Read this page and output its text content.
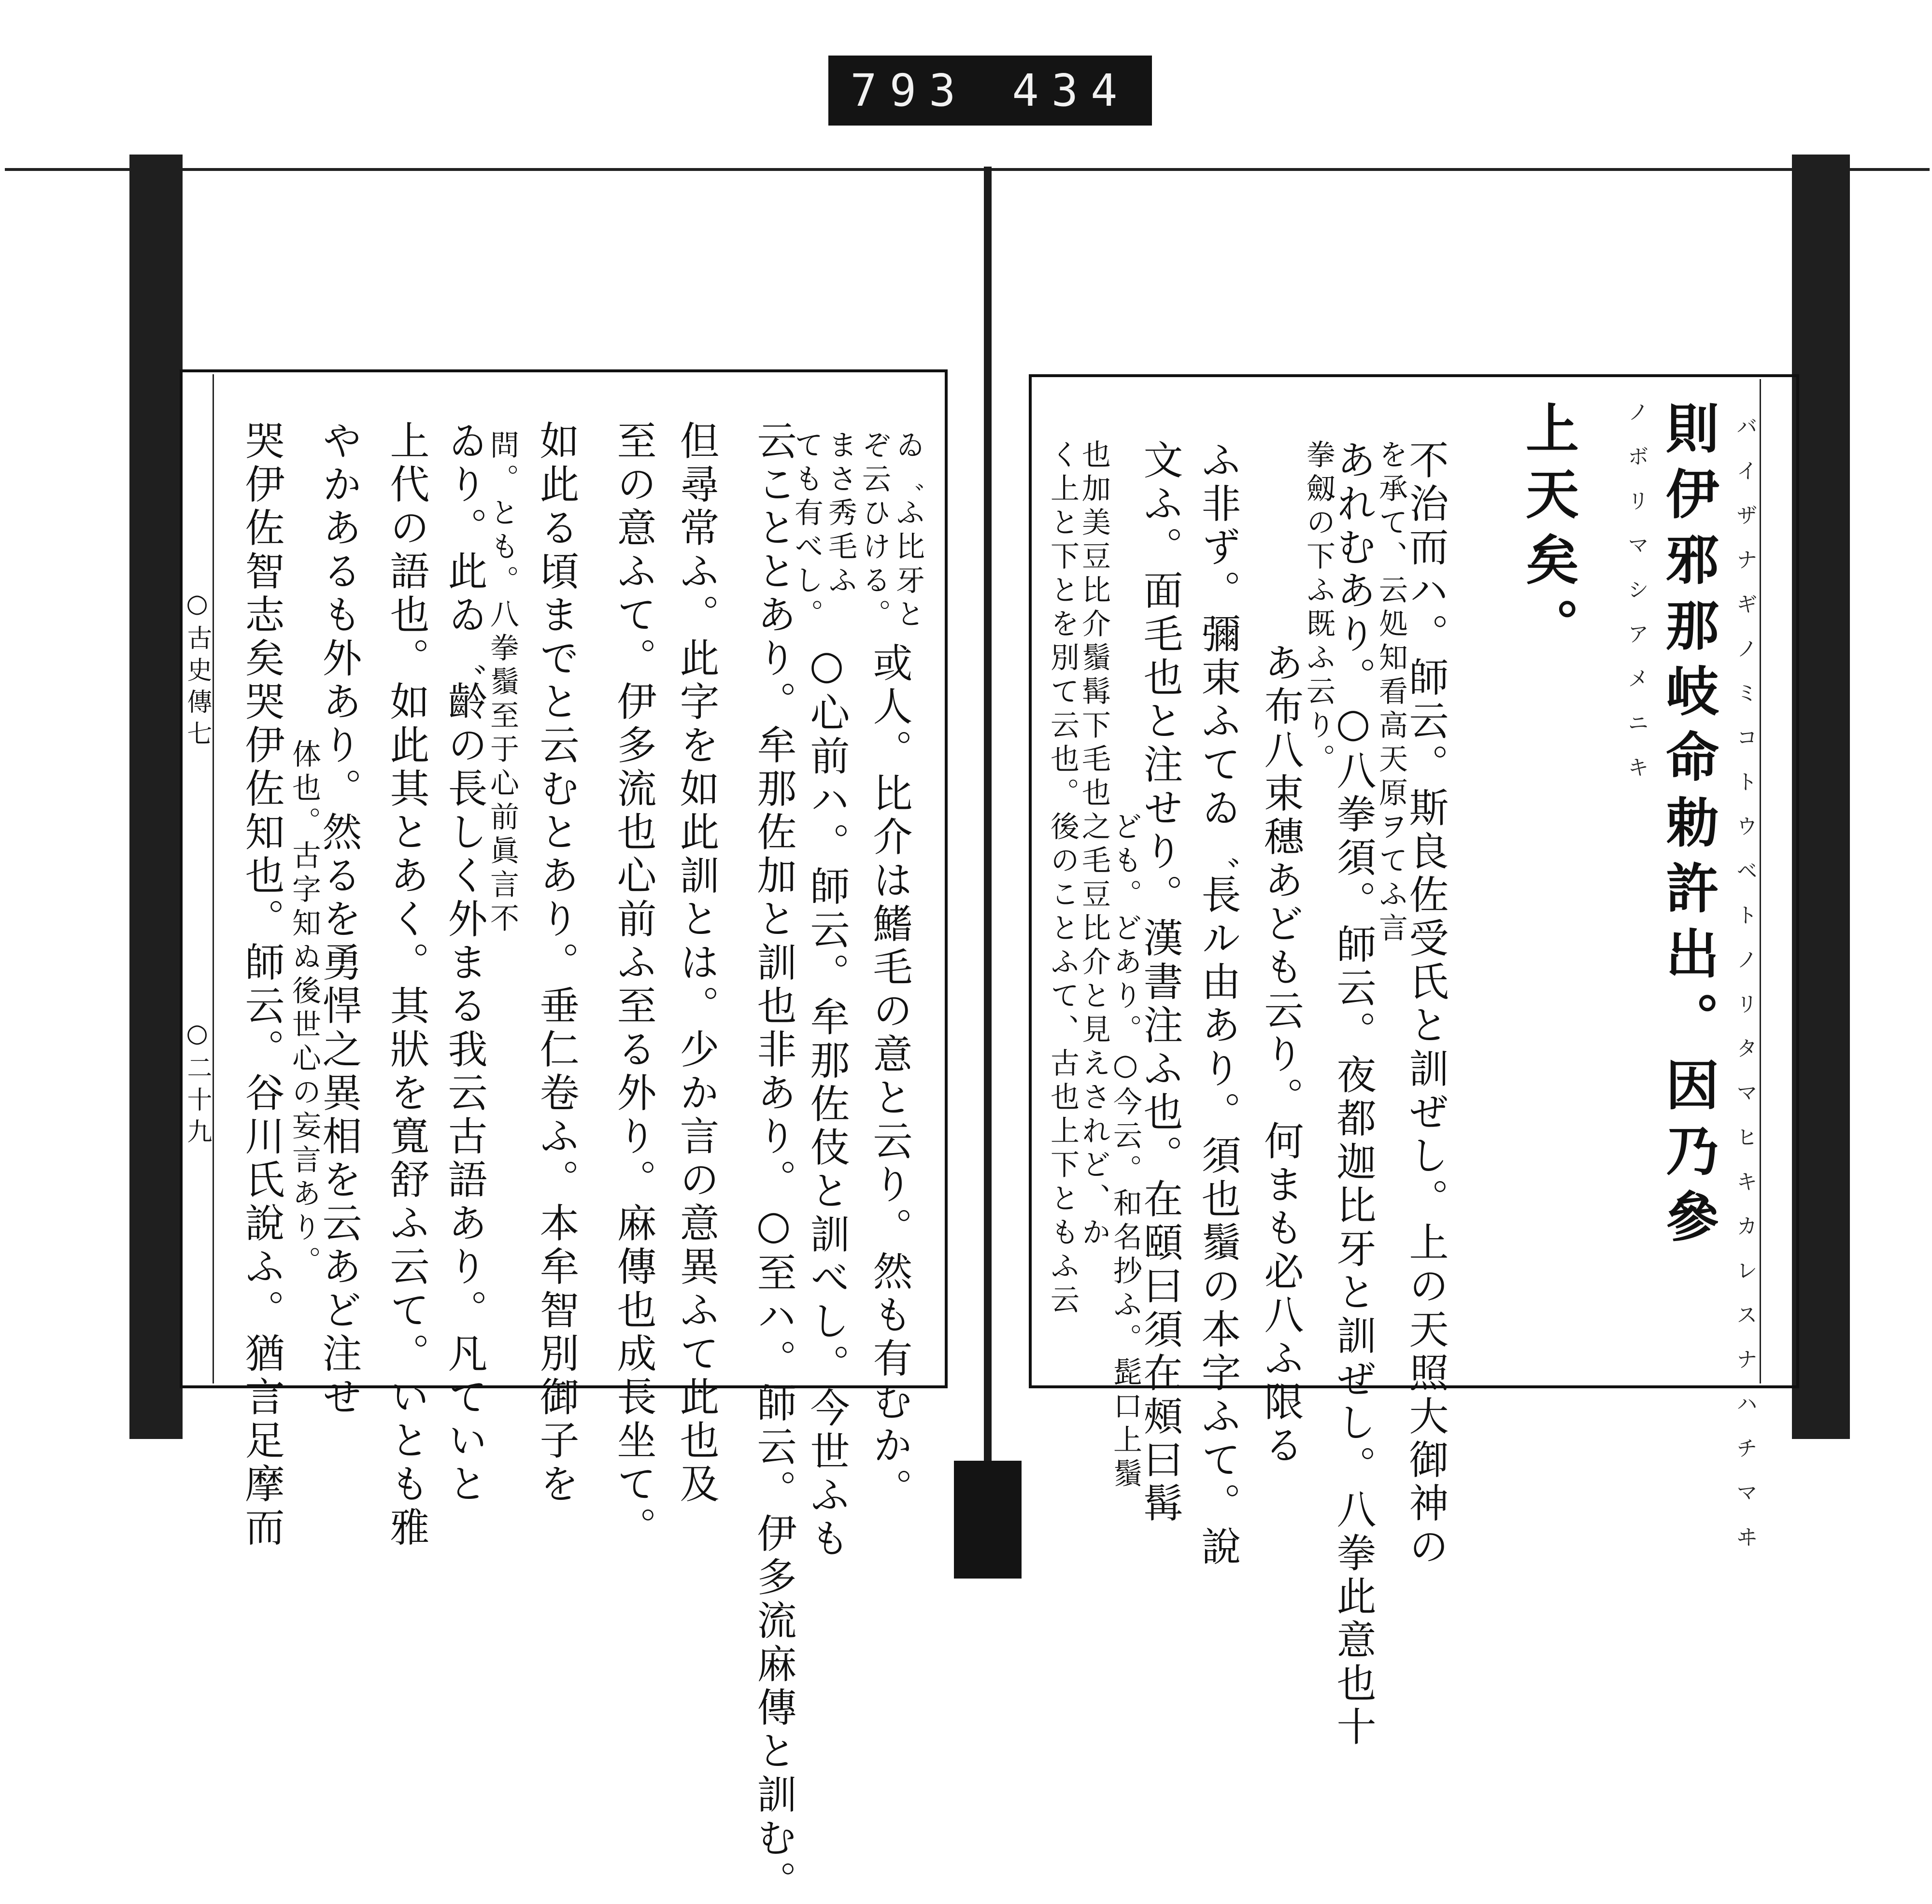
793 434
○古史傳七
○二十九
ゐ゛ふ比牙と
ぞ云ひける。
まさ秀毛ふ
ても有べし。
或人。比介は鰭毛の意と云り。然も有むか。
○心前ハ。師云。牟那佐伎と訓べし。今世ふも
云こととあり。牟那佐加と訓也非あり。○至ハ。師云。伊多流麻傳と訓む。
但尋常ふ。此字を如此訓とは。少か言の意異ふて此也及
至の意ふて。伊多流也心前ふ至る外り。麻傳也成長坐て。
如此る頃までと云むとあり。垂仁卷ふ。本牟智別御子を
問。とも。八拳鬚至于心前眞言不
ゐり。此ゐ゛齡の長しく外まる我云古語あり。凡ていと
上代の語也。如此其とあく。其狀を寬舒ふ云て。いとも雅
やかあるも外あり。然るを勇悍之異相を云あど注せ
体也。古字知ぬ後世心の妄言あり。
哭伊佐智志矣哭伊佐知也。師云。谷川氏說ふ。猶言足摩而	バイザナギノミコトウベトノリタマヒキカレスナハチマヰ
則伊邪那岐命勅許出。因乃參
ノボリマシアメニキ
上天矣。
不治而ハ。師云。斯良佐受氏と訓ぜし。上の天照大御神の
を承て、云処知看高天原ヲてふ言
あれむあり。○八拳須。師云。夜都迦比牙と訓ぜし。八拳此意也十
拳劔の下ふ既ふ云り。
あ布八束穗あども云り。何まも必八ふ限る
ふ非ず。彌束ふてゐ゛長ル由あり。須也鬚の本字ふて。說
文ふ。面毛也と注せり。漢書注ふ也。在頤曰須在頰曰髯
ども。どあり。○今云。和名抄ふ。髭口上鬚
也加美豆比介鬚髯下毛也之毛豆比介と見えされど、か
く上と下とを別て云也。後のことふて、古也上下ともふ云
